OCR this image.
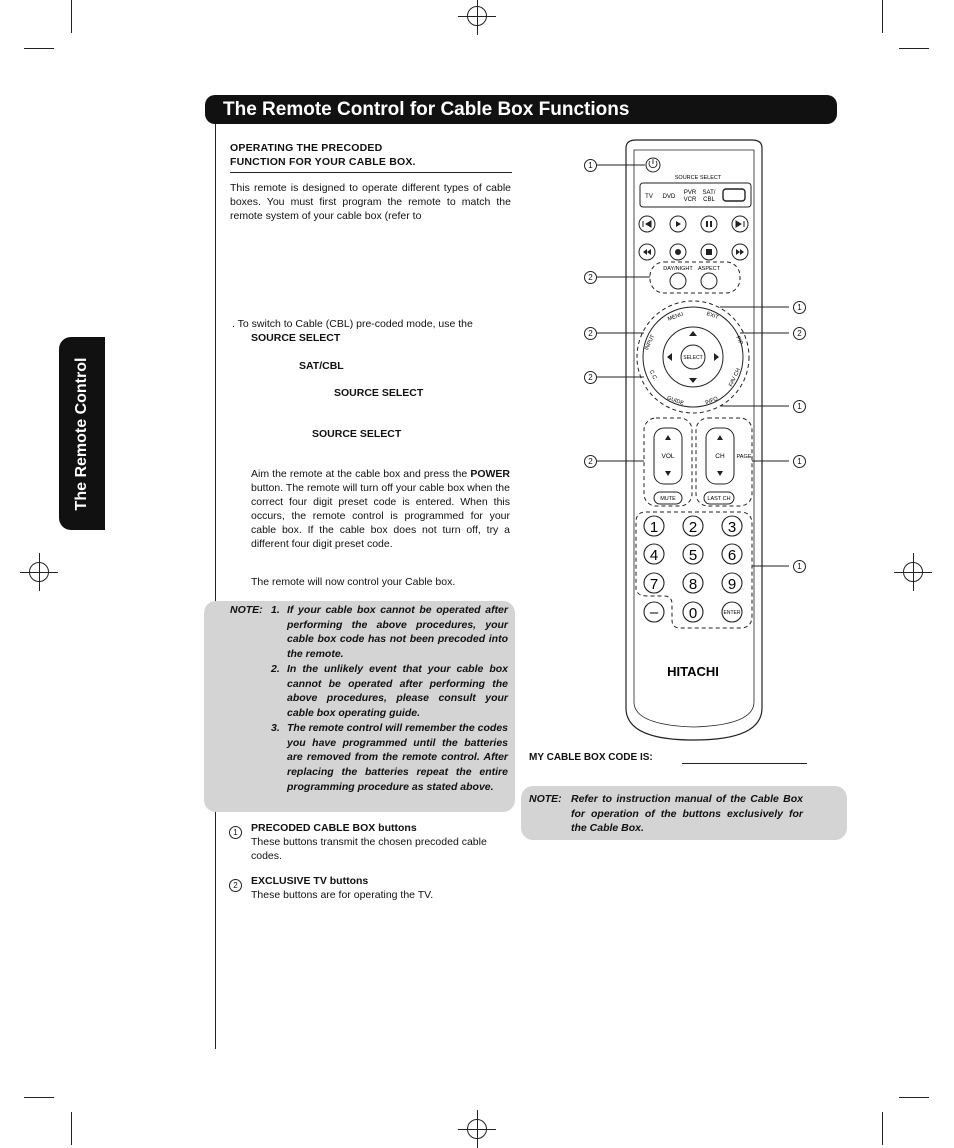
The Remote Control for Cable Box Functions
The Remote Control
OPERATING THE PRECODED
FUNCTION FOR YOUR CABLE BOX.
This remote is designed to operate different types of cable boxes. You must first program the remote to match the remote system of your cable box (refer to
. To switch to Cable (CBL) pre-coded mode, use the
SOURCE SELECT
SAT/CBL
SOURCE SELECT
SOURCE SELECT
Aim the remote at the cable box and press the POWER button. The remote will turn off your cable box when the correct four digit preset code is entered. When this occurs, the remote control is programmed for your cable box. If the cable box does not turn off, try a different four digit preset code.
The remote will now control your Cable box.
NOTE: 1. If your cable box cannot be operated after performing the above procedures, your cable box code has not been precoded into the remote.
2. In the unlikely event that your cable box cannot be operated after performing the above procedures, please consult your cable box operating guide.
3. The remote control will remember the codes you have programmed until the batteries are removed from the remote control. After replacing the batteries repeat the entire programming procedure as stated above.
1	PRECODED CABLE BOX buttons
These buttons transmit the chosen precoded cable codes.
2	EXCLUSIVE TV buttons
These buttons are for operating the TV.
MY CABLE BOX CODE IS:
NOTE: Refer to instruction manual of the Cable Box for operation of the buttons exclusively for the Cable Box.
SOURCE SELECT
TV DVD
PVR
VCR
SAT/
CBL
DAY/NIGHT ASPECT
SELECT
MENU	EXIT
INPUT	PIP
C.C.	FAV CH
GUIDE	INFO
VOL	CH PAGE
MUTE	LAST CH
1 2 3
4 5 6
7 8 9
– 0	ENTER
HITACHI
1
2
1
2	2
2
1
2	1
1
